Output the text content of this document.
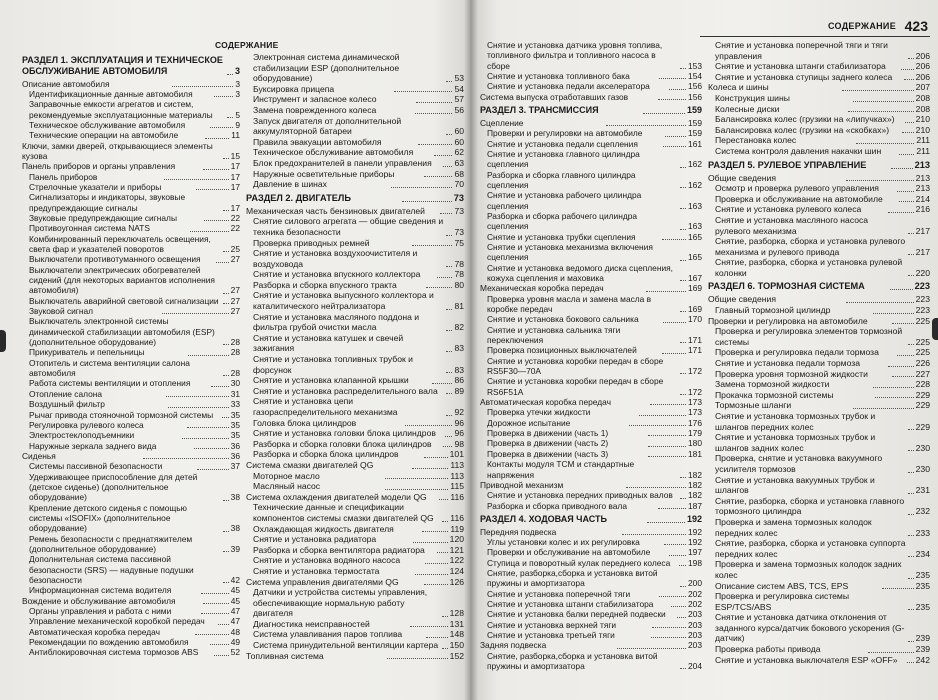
СОДЕРЖАНИЕ
РАЗДЕЛ 1. ЭКСПЛУАТАЦИЯ И ТЕХНИЧЕСКОЕ ОБСЛУЖИВАНИЕ АВТОМОБИЛЯ	3
Описание автомобиля	3
Идентификационные данные автомобиля	3
Заправочные емкости агрегатов и систем, рекомендуемые эксплуатационные материалы	5
Техническое обслуживание автомобиля	9
Технические операции на автомобиле	11
Ключи, замки дверей, открывающиеся элементы кузова	15
Панель приборов и органы управления	17
Панель приборов	17
Стрелочные указатели и приборы	17
Сигнализаторы и индикаторы, звуковые предупреждающие сигналы	17
Звуковые предупреждающие сигналы	22
Противоугонная система NATS	22
Комбинированный переключатель освещения, света фар и указателей поворотов	25
Выключатели противотуманного освещения	27
Выключатели электрических обогревателей сидений (для некоторых вариантов исполнения автомобиля)	27
Выключатель аварийной световой сигнализации 27
Звуковой сигнал	27
Выключатель электронной системы динамической стабилизации автомобиля (ESP) (дополнительное оборудование)	28
Прикуриватель и пепельницы	28
Отопитель и система вентиляции салона автомобиля	28
Работа системы вентиляции и отопления	30
Отопление салона	31
Воздушный фильтр	33
Рычаг привода стояночной тормозной системы	35
Регулировка рулевого колеса	35
Электростеклоподъемники	35
Наружные зеркала заднего вида	36
Сиденья	36
Системы пассивной безопасности	37
Удерживающее приспособление для детей (детское сиденье) (дополнительное оборудование)	38
Крепление детского сиденья с помощью системы «ISOFIX» (дополнительное оборудование)	38
Ремень безопасности с преднатяжителем (дополнительное оборудование)	39
Дополнительная система пассивной безопасности (SRS) — надувные подушки безопасности	42
Информационная система водителя	45
Вождение и обслуживание автомобиля	45
Органы управления и работа с ними	47
Управление механической коробкой передач	47
Автоматическая коробка передач	48
Рекомендации по вождению автомобиля	49
Антиблокировочная система тормозов ABS	52
Электронная система динамической стабилизации ESP (дополнительное оборудование)	53
Буксировка прицепа	54
Инструмент и запасное колесо	57
Замена поврежденного колеса	56
Запуск двигателя от дополнительной аккумуляторной батареи	60
Правила эвакуации автомобиля	60
Техническое обслуживание автомобиля	62
Блок предохранителей в панели управления	63
Наружные осветительные приборы	68
Давление в шинах	70
РАЗДЕЛ 2. ДВИГАТЕЛЬ	73
Механическая часть бензиновых двигателей	73
Снятие силового агрегата — общие сведения и техника безопасности	73
Проверка приводных ремней	75
Снятие и установка воздухоочистителя и воздуховода	78
Снятие и установка впускного коллектора	78
Разборка и сборка впускного тракта	80
Снятие и установка выпускного коллектора и каталитического нейтрализатора	81
Снятие и установка масляного поддона и фильтра грубой очистки масла	82
Снятие и установка катушек и свечей зажигания	83
Снятие и установка топливных трубок и форсунок	83
Снятие и установка клапанной крышки	86
Снятие и установка распределительного вала	89
Снятие и установка цепи газораспределительного механизма	92
Головка блока цилиндров	96
Снятие и установка головки блока цилиндров	96
Разборка и сборка головки блока цилиндров	98
Разборка и сборка блока цилиндров	101
Система смазки двигателей QG	113
Моторное масло	113
Масляный насос	115
Система охлаждения двигателей модели QG	116
Технические данные и спецификации компонентов системы смазки двигателей QG	116
Охлаждающая жидкость двигателя	119
Снятие и установка радиатора	120
Разборка и сборка вентилятора радиатора	121
Снятие и установка водяного насоса	122
Снятие и установка термостата	124
Система управления двигателями QG	126
Датчики и устройства системы управления, обеспечивающие нормальную работу двигателя	128
Диагностика неисправностей	131
Система улавливания паров топлива	148
Система принудительной вентиляции картера 150
Топливная система	152
СОДЕРЖАНИЕ 423
Снятие и установка датчика уровня топлива, топливного фильтра и топливного насоса в сборе	153
Снятие и установка топливного бака	154
Снятие и установка педали акселератора	156
Система выпуска отработавших газов	156
РАЗДЕЛ 3. ТРАНСМИССИЯ	159
Сцепление	159
Проверки и регулировки на автомобиле	159
Снятие и установка педали сцепления	161
Снятие и установка главного цилиндра сцепления	162
Разборка и сборка главного цилиндра сцепления	162
Снятие и установка рабочего цилиндра сцепления	163
Разборка и сборка рабочего цилиндра сцепления	163
Снятие и установка трубки сцепления	165
Снятие и установка механизма включения сцепления	165
Снятие и установка ведомого диска сцепления, кожуха сцепления и маховика	167
Механическая коробка передач	169
Проверка уровня масла и замена масла в коробке передач	169
Снятие и установка бокового сальника	170
Снятие и установка сальника тяги переключения	171
Проверка позиционных выключателей	171
Снятие и установка коробки передач в сборе RS5F30—70A	172
Снятие и установка коробки передач в сборе RS6F51A	172
Автоматическая коробка передач	173
Проверка утечки жидкости	173
Дорожное испытание	176
Проверка в движении (часть 1)	179
Проверка в движении (часть 2)	180
Проверка в движении (часть 3)	181
Контакты модуля TCM и стандартные напряжения	182
Приводной механизм	182
Снятие и установка передних приводных валов	182
Разборка и сборка приводного вала	187
РАЗДЕЛ 4. ХОДОВАЯ ЧАСТЬ	192
Передняя подвеска	192
Углы установки колес и их регулировка	192
Проверки и обслуживание на автомобиле	197
Ступица и поворотный кулак переднего колеса	198
Снятие, разборка,сборка и установка витой пружины и амортизатора	200
Снятие и установка поперечной тяги	202
Снятие и установка штанги стабилизатора	202
Снятие и установка балки передней подвески	203
Снятие и установка верхней тяги	203
Снятие и установка третьей тяги	203
Задняя подвеска	203
Снятие, разборка,сборка и установка витой пружины и амортизатора	204
Снятие и установка поперечной тяги и тяги управления	206
Снятие и установка штанги стабилизатора	206
Снятие и установка ступицы заднего колеса	206
Колеса и шины	207
Конструкция шины	208
Колесные диски	208
Балансировка колес (грузики на «липучках»)	210
Балансировка колес (грузики на «скобках»)	210
Перестановка колес	211
Система контроля давления накачки шин	211
РАЗДЕЛ 5. РУЛЕВОЕ УПРАВЛЕНИЕ	213
Общие сведения	213
Осмотр и проверка рулевого управления	213
Проверка и обслуживание на автомобиле	214
Снятие и установка рулевого колеса	216
Снятие и установка масляного насоса рулевого механизма	217
Снятие, разборка, сборка и установка рулевого механизма и рулевого привода	217
Снятие, разборка, сборка и установка рулевой колонки	220
РАЗДЕЛ 6. ТОРМОЗНАЯ СИСТЕМА	223
Общие сведения	223
Главный тормозной цилиндр	223
Проверки и регулировка на автомобиле	225
Проверка и регулировка элементов тормозной системы	225
Проверка и регулировка педали тормоза	225
Снятие и установка педали тормоза	226
Проверка уровня тормозной жидкости	227
Замена тормозной жидкости	228
Прокачка тормозной системы	229
Тормозные шланги	229
Снятие и установка тормозных трубок и шлангов передних колес	229
Снятие и установка тормозных трубок и шлангов задних колес	230
Проверка, снятие и установка вакуумного усилителя тормозов	230
Снятие и установка вакуумных трубок и шлангов	231
Снятие, разборка, сборка и установка главного тормозного цилиндра	232
Проверка и замена тормозных колодок передних колес	233
Снятие, разборка, сборка и установка суппорта передних колес	234
Проверка и замена тормозных колодок задних колес	235
Описание систем ABS, TCS, EPS	235
Проверка и регулировка системы ESP/TCS/ABS	235
Снятие и установка датчика отклонения от заданного курса/датчик бокового ускорения (G-датчик)	239
Проверка работы привода	239
Снятие и установка выключателя ESP «OFF»	242
